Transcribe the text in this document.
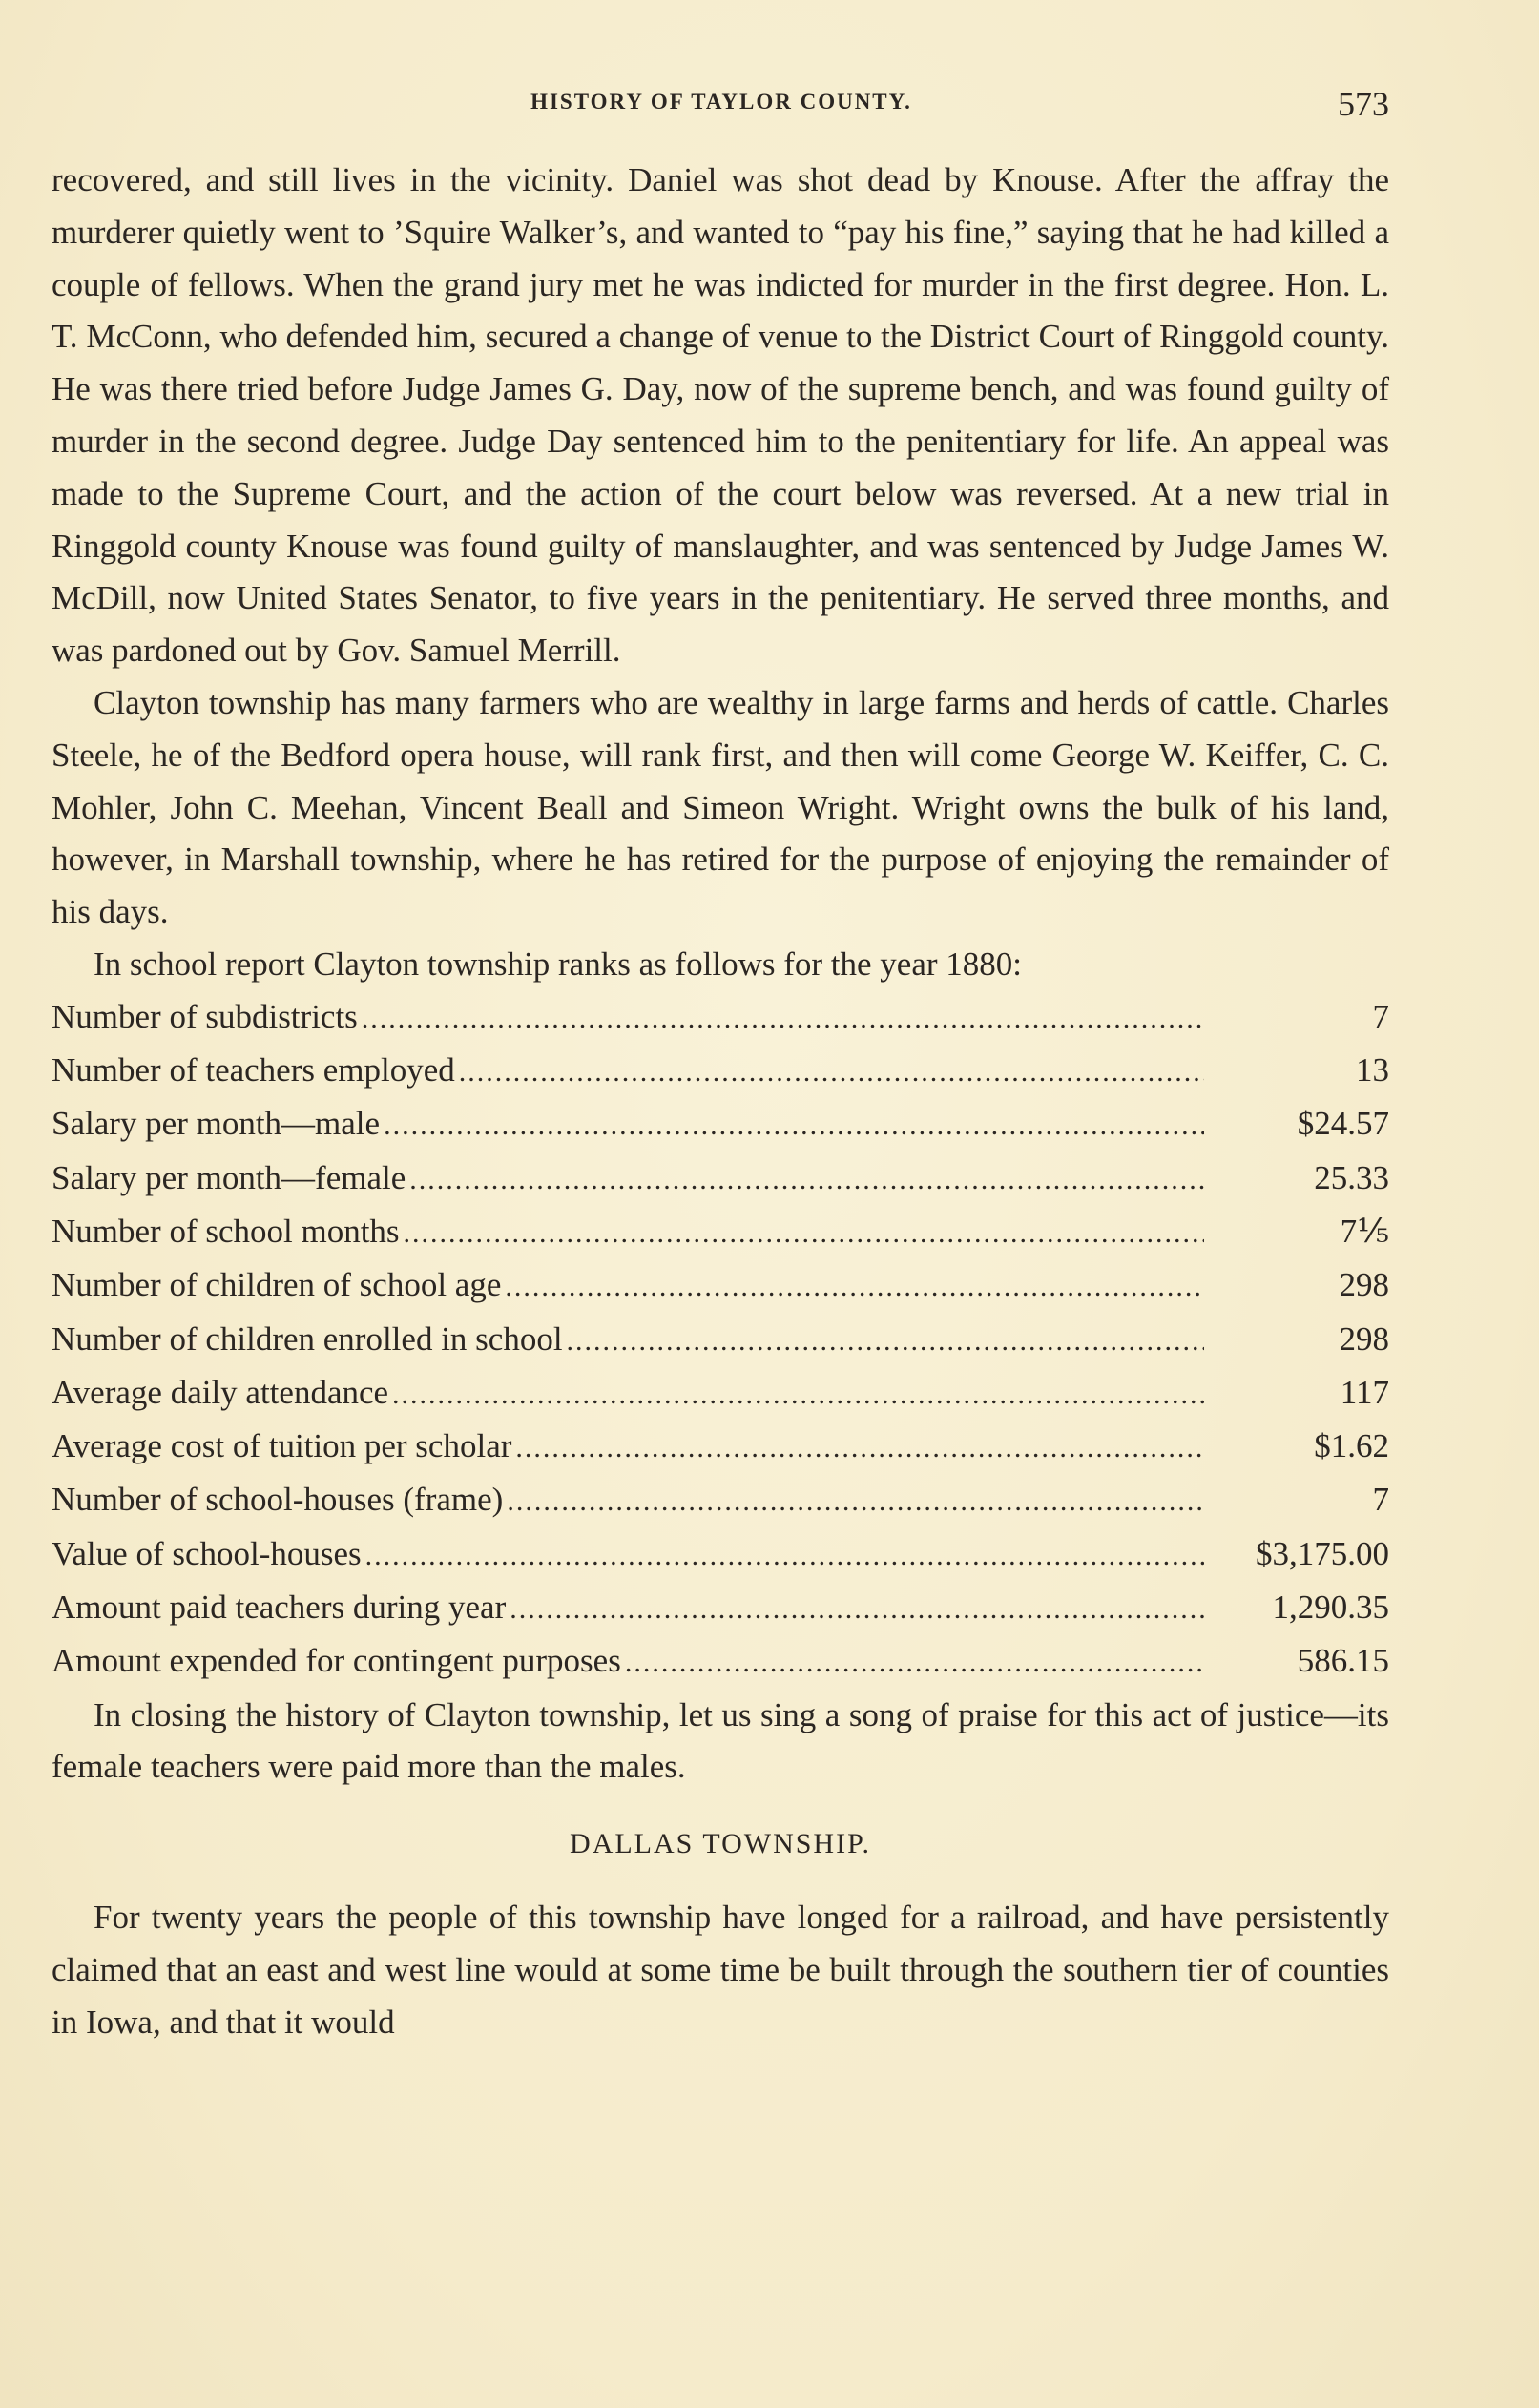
HISTORY OF TAYLOR COUNTY.	573

recovered, and still lives in the vicinity. Daniel was shot dead by Knouse. After the affray the murderer quietly went to ’Squire Walker’s, and wanted to “pay his fine,” saying that he had killed a couple of fellows. When the grand jury met he was indicted for murder in the first degree. Hon. L. T. McConn, who defended him, secured a change of venue to the District Court of Ringgold county. He was there tried before Judge James G. Day, now of the supreme bench, and was found guilty of murder in the second degree. Judge Day sentenced him to the penitentiary for life. An appeal was made to the Supreme Court, and the action of the court below was reversed. At a new trial in Ringgold county Knouse was found guilty of manslaughter, and was sentenced by Judge James W. McDill, now United States Senator, to five years in the penitentiary. He served three months, and was pardoned out by Gov. Samuel Merrill.

Clayton township has many farmers who are wealthy in large farms and herds of cattle. Charles Steele, he of the Bedford opera house, will rank first, and then will come George W. Keiffer, C. C. Mohler, John C. Meehan, Vincent Beall and Simeon Wright. Wright owns the bulk of his land, however, in Marshall township, where he has retired for the purpose of enjoying the remainder of his days.

In school report Clayton township ranks as follows for the year 1880:

Number of subdistricts .....	7
Number of teachers employed .....	13
Salary per month—male .....	$24.57
Salary per month—female .....	25.33
Number of school months .....	7⅕
Number of children of school age .....	298
Number of children enrolled in school .....	298
Average daily attendance .....	117
Average cost of tuition per scholar .....	$1.62
Number of school-houses (frame) .....	7
Value of school-houses .....	$3,175.00
Amount paid teachers during year .....	1,290.35
Amount expended for contingent purposes .....	586.15

In closing the history of Clayton township, let us sing a song of praise for this act of justice—its female teachers were paid more than the males.

DALLAS TOWNSHIP.

For twenty years the people of this township have longed for a railroad, and have persistently claimed that an east and west line would at some time be built through the southern tier of counties in Iowa, and that it would
